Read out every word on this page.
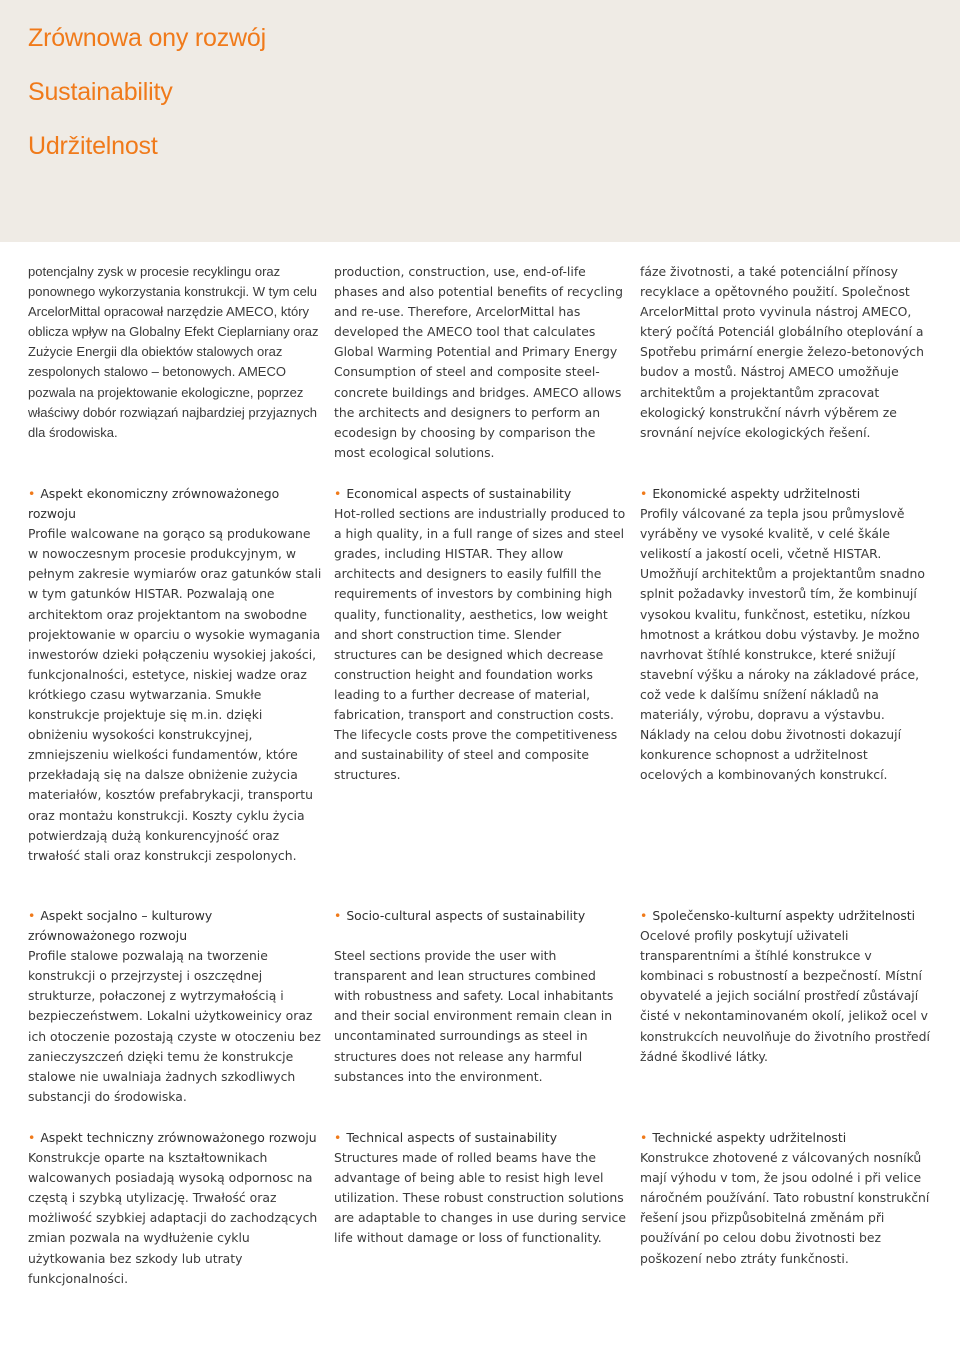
Zrównowa ony rozwój
Sustainability
Udržitelnost

potencjalny zysk w procesie recyklingu oraz ponownego wykorzystania konstrukcji. W tym celu ArcelorMittal opracował narzędzie AMECO, który oblicza wpływ na Globalny Efekt Cieplarniany oraz Zużycie Energii dla obiektów stalowych oraz zespolonych stalowo – betonowych. AMECO pozwala na projektowanie ekologiczne, poprzez właściwy dobór rozwiązań najbardziej przyjaznych dla środowiska.

production, construction, use, end-of-life phases and also potential benefits of recycling and re-use. Therefore, ArcelorMittal has developed the AMECO tool that calculates Global Warming Potential and Primary Energy Consumption of steel and composite steel-concrete buildings and bridges. AMECO allows the architects and designers to perform an ecodesign by choosing by comparison the most ecological solutions.

fáze životnosti, a také potenciální přínosy recyklace a opětovného použití. Společnost ArcelorMittal proto vyvinula nástroj AMECO, který počítá Potenciál globálního oteplování a Spotřebu primární energie železo-betonových budov a mostů. Nástroj AMECO umožňuje architektům a projektantům zpracovat ekologický konstrukční návrh výběrem ze srovnání nejvíce ekologických řešení.

• Aspekt ekonomiczny zrównoważonego rozwoju

Profile walcowane na gorąco są produkowane w nowoczesnym procesie produkcyjnym, w pełnym zakresie wymiarów oraz gatunków stali w tym gatunków HISTAR. Pozwalają one architektom oraz projektantom na swobodne projektowanie w oparciu o wysokie wymagania inwestorów dzieki połączeniu wysokiej jakości, funkcjonalności, estetyce, niskiej wadze oraz krótkiego czasu wytwarzania. Smukłe konstrukcje projektuje się m.in. dzięki obniżeniu wysokości konstrukcyjnej, zmniejszeniu wielkości fundamentów, które przekładają się na dalsze obniżenie zużycia materiałów, kosztów prefabrykacji, transportu oraz montażu konstrukcji. Koszty cyklu życia potwierdzają dużą konkurencyjność oraz trwałość stali oraz konstrukcji zespolonych.

• Economical aspects of sustainability

Hot-rolled sections are industrially produced to a high quality, in a full range of sizes and steel grades, including HISTAR. They allow architects and designers to easily fulfill the requirements of investors by combining high quality, functionality, aesthetics, low weight and short construction time. Slender structures can be designed which decrease construction height and foundation works leading to a further decrease of material, fabrication, transport and construction costs. The lifecycle costs prove the competitiveness and sustainability of steel and composite structures.

• Ekonomické aspekty udržitelnosti

Profily válcované za tepla jsou průmyslově vyráběny ve vysoké kvalitě, v celé škále velikostí a jakostí oceli, včetně HISTAR. Umožňují architektům a projektantům snadno splnit požadavky investorů tím, že kombinují vysokou kvalitu, funkčnost, estetiku, nízkou hmotnost a krátkou dobu výstavby. Je možno navrhovat štíhlé konstrukce, které snižují stavební výšku a nároky na základové práce, což vede k dalšímu snížení nákladů na materiály, výrobu, dopravu a výstavbu. Náklady na celou dobu životnosti dokazují konkurence schopnost a udržitelnost ocelových a kombinovaných konstrukcí.

• Aspekt socjalno – kulturowy zrównoważonego rozwoju

Profile stalowe pozwalają na tworzenie konstrukcji o przejrzystej i oszczędnej strukturze, połaczonej z wytrzymałością i bezpieczeństwem. Lokalni użytkoweinicy oraz ich otoczenie pozostają czyste w otoczeniu bez zanieczyszczeń dzięki temu że konstrukcje stalowe nie uwalniaja żadnych szkodliwych substancji do środowiska.

• Socio-cultural aspects of sustainability

Steel sections provide the user with transparent and lean structures combined with robustness and safety. Local inhabitants and their social environment remain clean in uncontaminated surroundings as steel in structures does not release any harmful substances into the environment.

• Společensko-kulturní aspekty udržitelnosti

Ocelové profily poskytují uživateli transparentními a štíhlé konstrukce v kombinaci s robustností a bezpečností. Místní obyvatelé a jejich sociální prostředí zůstávají čisté v nekontaminovaném okolí, jelikož ocel v konstrukcích neuvolňuje do životního prostředí žádné škodlivé látky.

• Aspekt techniczny zrównoważonego rozwoju

Konstrukcje oparte na kształtownikach walcowanych posiadają wysoką odpornosc na częstą i szybką utylizację. Trwałość oraz możliwość szybkiej adaptacji do zachodzących zmian pozwala na wydłużenie cyklu użytkowania bez szkody lub utraty funkcjonalności.

• Technical aspects of sustainability

Structures made of rolled beams have the advantage of being able to resist high level utilization. These robust construction solutions are adaptable to changes in use during service life without damage or loss of functionality.

• Technické aspekty udržitelnosti

Konstrukce zhotovené z válcovaných nosníků mají výhodu v tom, že jsou odolné i při velice náročném používání. Tato robustní konstrukční řešení jsou přizpůsobitelná změnám při používání po celou dobu životnosti bez poškození nebo ztráty funkčnosti.
